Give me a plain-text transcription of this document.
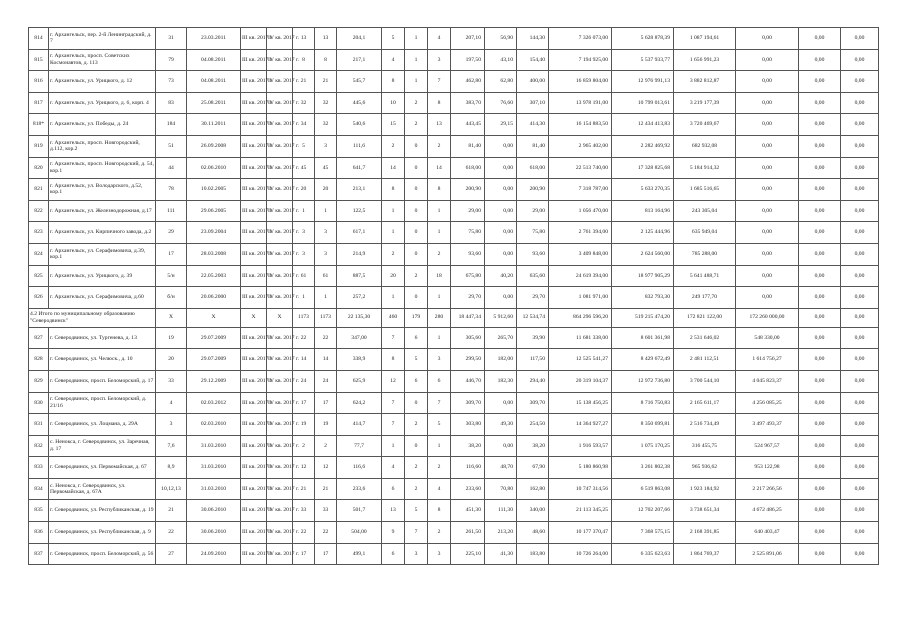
814	г. Архангельск, пер. 2-й Ленинградский, д. 7	31	23.03.2011	III кв. 2017 г.	IV кв. 2017 г.	13	13	204,1	5	1	4	207,10	56,90	144,30	7 326 073,00	5 628 878,39	1 087 194,61	0,00	0,00	0,00
815	г. Архангельск, просп. Советских Космонавтов, д. 113	79	04.08.2011	III кв. 2017 г.	IV кв. 2017 г.	8	8	217,1	4	1	3	197,50	43,10	154,40	7 194 925,00	5 537 933,77	1 656 991,23	0,00	0,00	0,00
816	г. Архангельск, ул. Урицкого, д. 12	73	04.08.2011	III кв. 2017 г.	IV кв. 2017 г.	21	21	545,7	8	1	7	462,80	62,80	400,00	16 859 804,00	12 976 991,13	3 882 812,87	0,00	0,00	0,00
817	г. Архангельск, ул. Урицкого, д. 6, корп. 4	83	25.08.2011	III кв. 2017 г.	IV кв. 2017 г.	32	32	445,6	10	2	8	383,70	76,60	307,10	13 978 191,00	10 799 013,61	3 219 177,39	0,00	0,00	0,00
818*	г. Архангельск, ул. Победы, д. 24	184	30.11.2011	III кв. 2017 г.	IV кв. 2017 г.	34	32	540,6	15	2	13	443,45	29,15	414,30	16 154 883,50	12 434 413,83	3 720 469,67	0,00	0,00	0,00
819	г. Архангельск, просп. Новгородский, д.112, кор.2	51	26.09.2008	III кв. 2017 г.	IV кв. 2017 г.	5	3	111,6	2	0	2	81,40	0,00	81,40	2 965 402,00	2 282 469,92	682 932,08	0,00	0,00	0,00
820	г. Архангельск, просп. Новгородский, д. 54, кор.1	44	02.06.2010	III кв. 2017 г.	IV кв. 2017 г.	45	45	641,7	14	0	14	618,00	0,00	618,00	22 513 740,00	17 328 825,68	5 184 914,32	0,00	0,00	0,00
821	г. Архангельск, ул. Володарского, д.52, кор.1	78	10.02.2005	III кв. 2017 г.	IV кв. 2017 г.	20	20	213,1	8	0	8	200,90	0,00	200,90	7 318 787,00	5 633 270,35	1 685 516,65	0,00	0,00	0,00
822	г. Архангельск, ул. Железнодорожная, д.17	111	29.06.2005	III кв. 2017 г.	IV кв. 2017 г.	1	1	122,5	1	0	1	29,00	0,00	29,00	1 056 470,00	813 164,96	243 305,04	0,00	0,00	0,00
823	г. Архангельск, ул. Кирпичного завода, д.2	29	23.09.2004	III кв. 2017 г.	IV кв. 2017 г.	3	3	617,1	1	0	1	75,80	0,00	75,80	2 761 394,00	2 125 444,96	635 949,04	0,00	0,00	0,00
824	г. Архангельск, ул. Серафимовича, д.39, кор.1	17	28.03.2008	III кв. 2017 г.	IV кв. 2017 г.	3	3	214,9	2	0	2	93,60	0,00	93,60	3 409 848,00	2 624 560,00	785 288,00	0,00	0,00	0,00
825	г. Архангельск, ул. Урицкого, д. 39	5/н	22.05.2003	III кв. 2017 г.	IV кв. 2017 г.	61	61	887,5	20	2	18	675,80	40,20	635,60	24 619 394,00	18 977 905,29	5 641 488,71	0,00	0,00	0,00
826	г. Архангельск, ул. Серафимовича, д.60	б/н	20.06.2000	III кв. 2017 г.	IV кв. 2017 г.	1	1	257,2	1	0	1	29,70	0,00	29,70	1 081 971,00	832 793,30	249 177,70	0,00	0,00	0,00
4.2 Итого по муниципальному образованию "Северодвинск"		X	X	X	X	1173	1173	22 135,30	460	179	280	18 447,34	5 912,60	12 534,74	864 296 596,20	519 215 474,20	172 821 122,00	172 260 000,00	0,00	0,00
827	г. Северодвинск, ул. Тургенева, д. 13	19	29.07.2009	III кв. 2017 г.	IV кв. 2017 г.	22	22	347,00	7	6	1	305,60	265,70	39,90	11 681 338,00	8 601 361,98	2 531 646,02	548 330,00	0,00	0,00
828	г. Северодвинск, ул. Челюск., д. 10	20	29.07.2009	III кв. 2017 г.	IV кв. 2017 г.	14	14	338,9	8	5	3	299,50	182,00	117,50	12 525 541,27	8 429 672,49	2 481 112,51	1 614 756,27	0,00	0,00
829	г. Северодвинск, просп. Беломорский, д. 17	33	29.12.2009	III кв. 2017 г.	IV кв. 2017 г.	24	24	625,9	12	6	6	446,70	182,30	294,40	20 319 104,37	12 972 736,80	3 700 544,10	4 045 823,37	0,00	0,00
830	г. Северодвинск, просп. Беломорский, д. 21/16	4	02.03.2012	III кв. 2017 г.	IV кв. 2017 г.	17	17	624,2	7	0	7	309,70	0,00	309,70	15 138 456,25	8 716 750,83	2 165 611,17	4 256 085,25	0,00	0,00
831	г. Северодвинск, ул. Лоцмана, д. 29А	3	02.03.2010	III кв. 2017 г.	IV кв. 2017 г.	19	19	414,7	7	2	5	303,80	49,30	254,50	14 364 927,27	8 350 699,81	2 516 734,49	3 497 493,37	0,00	0,00
832	с. Ненокса, г. Северодвинск, ул. Заречная, д. 17	7,6	31.03.2010	III кв. 2017 г.	IV кв. 2017 г.	2	2	77,7	1	0	1	38,20	0,00	38,20	1 916 593,57	1 075 170,25	316 455,75	524 967,57	0,00	0,00
833	г. Северодвинск, ул. Первомайская, д. 67	8,9	31.03.2010	III кв. 2017 г.	IV кв. 2017 г.	12	12	116,6	4	2	2	116,60	48,70	67,90	5 180 860,98	3 261 802,38	965 936,62	953 122,98	0,00	0,00
834	с. Ненокса, г. Северодвинск, ул. Первомайская, д. 67А	10,12,13	31.03.2010	III кв. 2017 г.	IV кв. 2017 г.	21	21	233,6	6	2	4	233,60	70,80	162,80	10 747 314,56	6 519 863,08	1 923 184,92	2 217 266,56	0,00	0,00
835	г. Северодвинск, ул. Республиканская, д. 19	21	30.06.2010	III кв. 2017 г.	IV кв. 2017 г.	33	33	501,7	13	5	8	451,30	111,30	340,00	21 113 345,25	12 702 207,66	3 738 651,34	4 672 486,25	0,00	0,00
836	г. Северодвинск, ул. Республиканская, д. 9	22	30.06.2010	III кв. 2017 г.	IV кв. 2017 г.	22	22	504,00	9	7	2	261,50	213,20	48,60	10 177 370,47	7 368 575,15	2 168 391,85	640 403,47	0,00	0,00
837	г. Северодвинск, просп. Беломорский, д. 56	27	24.09.2010	III кв. 2017 г.	IV кв. 2017 г.	17	17	499,1	6	3	3	225,10	41,30	183,80	10 726 264,00	6 335 623,63	1 864 769,37	2 525 891,06	0,00	0,00
